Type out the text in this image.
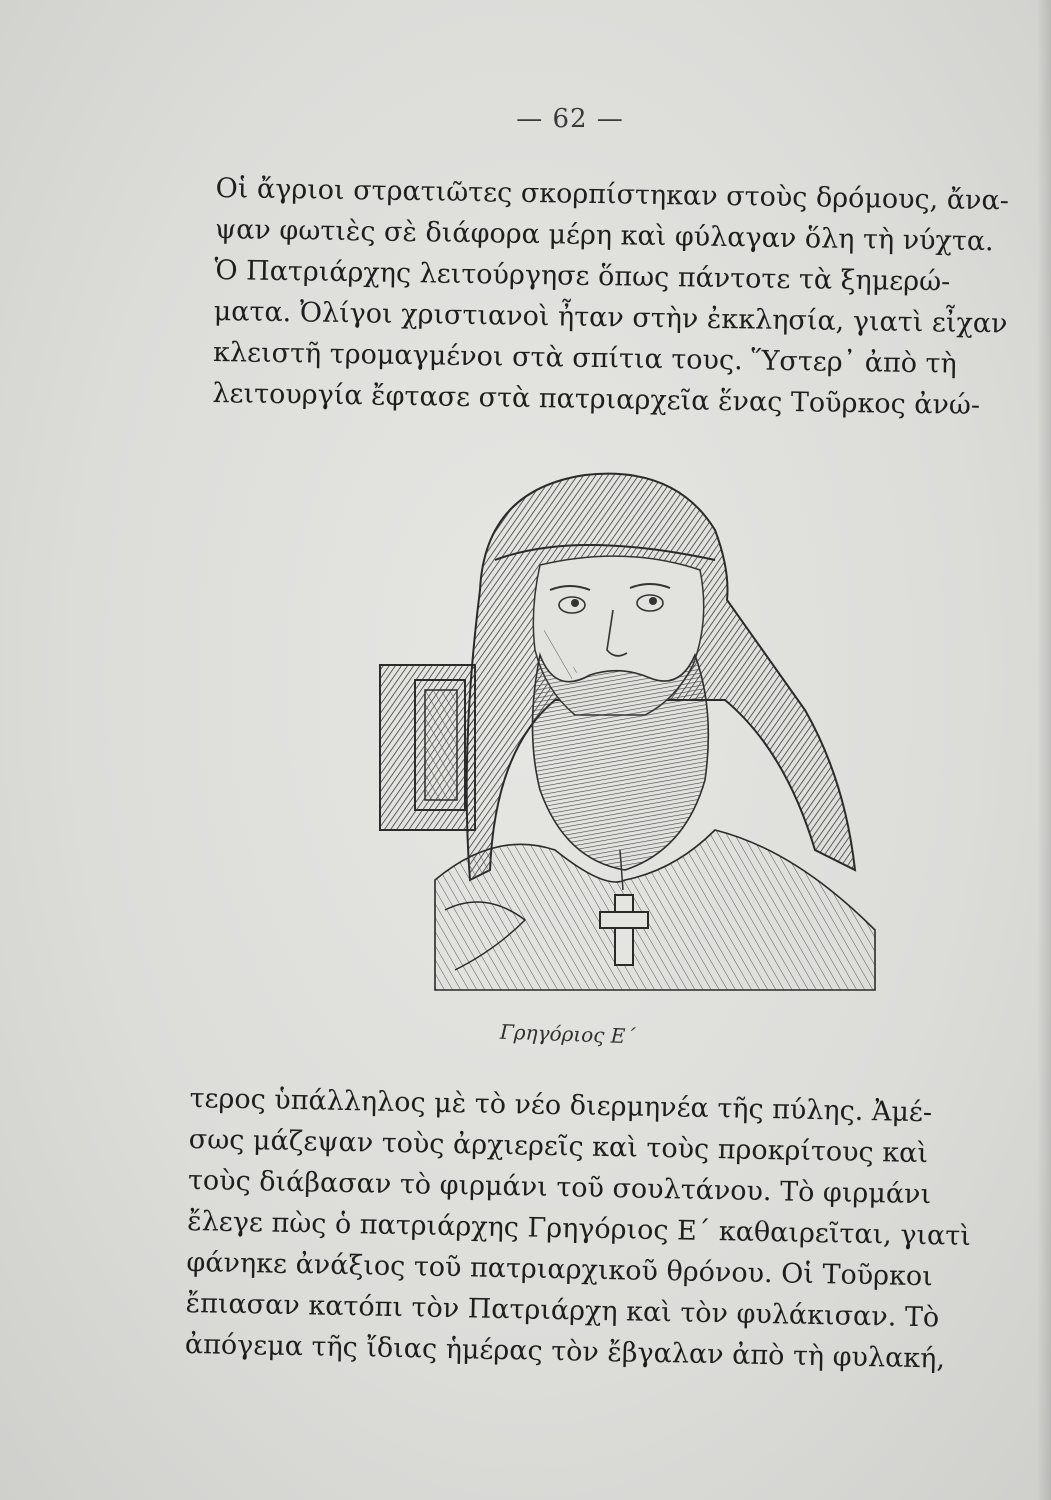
— 62 —
Οἱ ἄγριοι στρατιῶτες σκορπίστηκαν στοὺς δρόμους, ἄνα-
ψαν φωτιὲς σὲ διάφορα μέρη καὶ φύλαγαν ὅλη τὴ νύχτα.
Ὁ Πατριάρχης λειτούργησε ὅπως πάντοτε τὰ ξημερώ-
ματα. Ὀλίγοι χριστιανοὶ ἦταν στὴν ἐκκλησία, γιατὶ εἶχαν
κλειστῆ τρομαγμένοι στὰ σπίτια τους. Ὕστερ᾽ ἀπὸ τὴ
λειτουργία ἔφτασε στὰ πατριαρχεῖα ἕνας Τοῦρκος ἀνώ-
Γρηγόριος Ε΄
τερος ὑπάλληλος μὲ τὸ νέο διερμηνέα τῆς πύλης. Ἀμέ-
σως μάζεψαν τοὺς ἀρχιερεῖς καὶ τοὺς προκρίτους καὶ
τοὺς διάβασαν τὸ φιρμάνι τοῦ σουλτάνου. Τὸ φιρμάνι
ἔλεγε πὼς ὁ πατριάρχης Γρηγόριος Ε΄ καθαιρεῖται, γιατὶ
φάνηκε ἀνάξιος τοῦ πατριαρχικοῦ θρόνου. Οἱ Τοῦρκοι
ἔπιασαν κατόπι τὸν Πατριάρχη καὶ τὸν φυλάκισαν. Τὸ
ἀπόγεμα τῆς ἴδιας ἡμέρας τὸν ἔβγαλαν ἀπὸ τὴ φυλακή,
